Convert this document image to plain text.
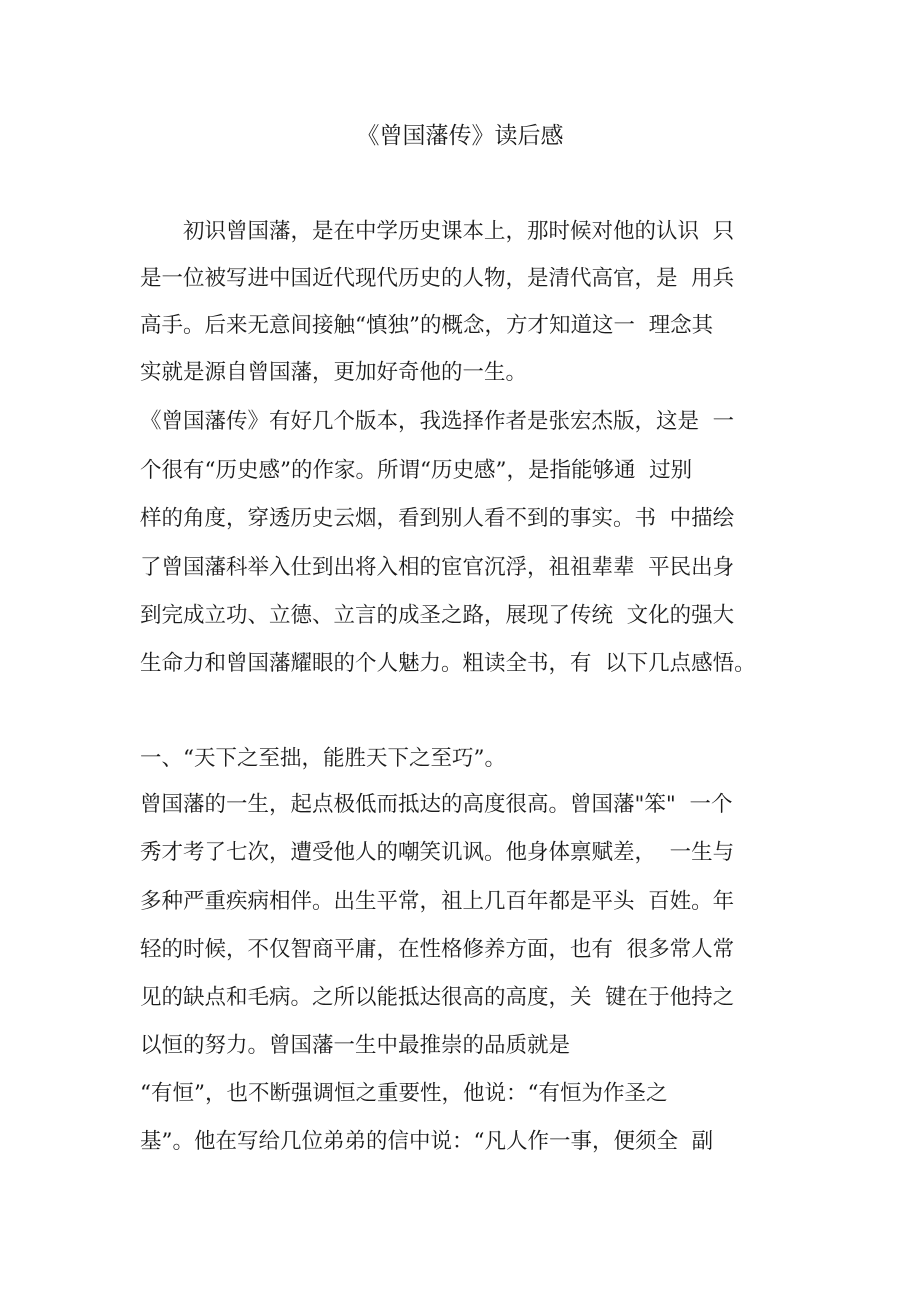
《曾国藩传》读后感
　　初识曾国藩，是在中学历史课本上，那时候对他的认识  只
是一位被写进中国近代现代历史的人物，是清代高官，是  用兵
高手。后来无意间接触“慎独”的概念，方才知道这一  理念其
实就是源自曾国藩，更加好奇他的一生。
《曾国藩传》有好几个版本，我选择作者是张宏杰版，这是  一
个很有“历史感”的作家。所谓“历史感”，是指能够通  过别
样的角度，穿透历史云烟，看到别人看不到的事实。书  中描绘
了曾国藩科举入仕到出将入相的宦官沉浮，祖祖辈辈  平民出身
到完成立功、立德、立言的成圣之路，展现了传统  文化的强大
生命力和曾国藩耀眼的个人魅力。粗读全书，有  以下几点感悟。
一、“天下之至拙，能胜天下之至巧”。
曾国藩的一生，起点极低而抵达的高度很高。曾国藩"笨"  一个
秀才考了七次，遭受他人的嘲笑讥讽。他身体禀赋差，  一生与
多种严重疾病相伴。出生平常，祖上几百年都是平头  百姓。年
轻的时候，不仅智商平庸，在性格修养方面，也有  很多常人常
见的缺点和毛病。之所以能抵达很高的高度，关  键在于他持之
以恒的努力。曾国藩一生中最推崇的品质就是
“有恒”，也不断强调恒之重要性，他说：“有恒为作圣之
基”。他在写给几位弟弟的信中说：“凡人作一事，便须全  副
